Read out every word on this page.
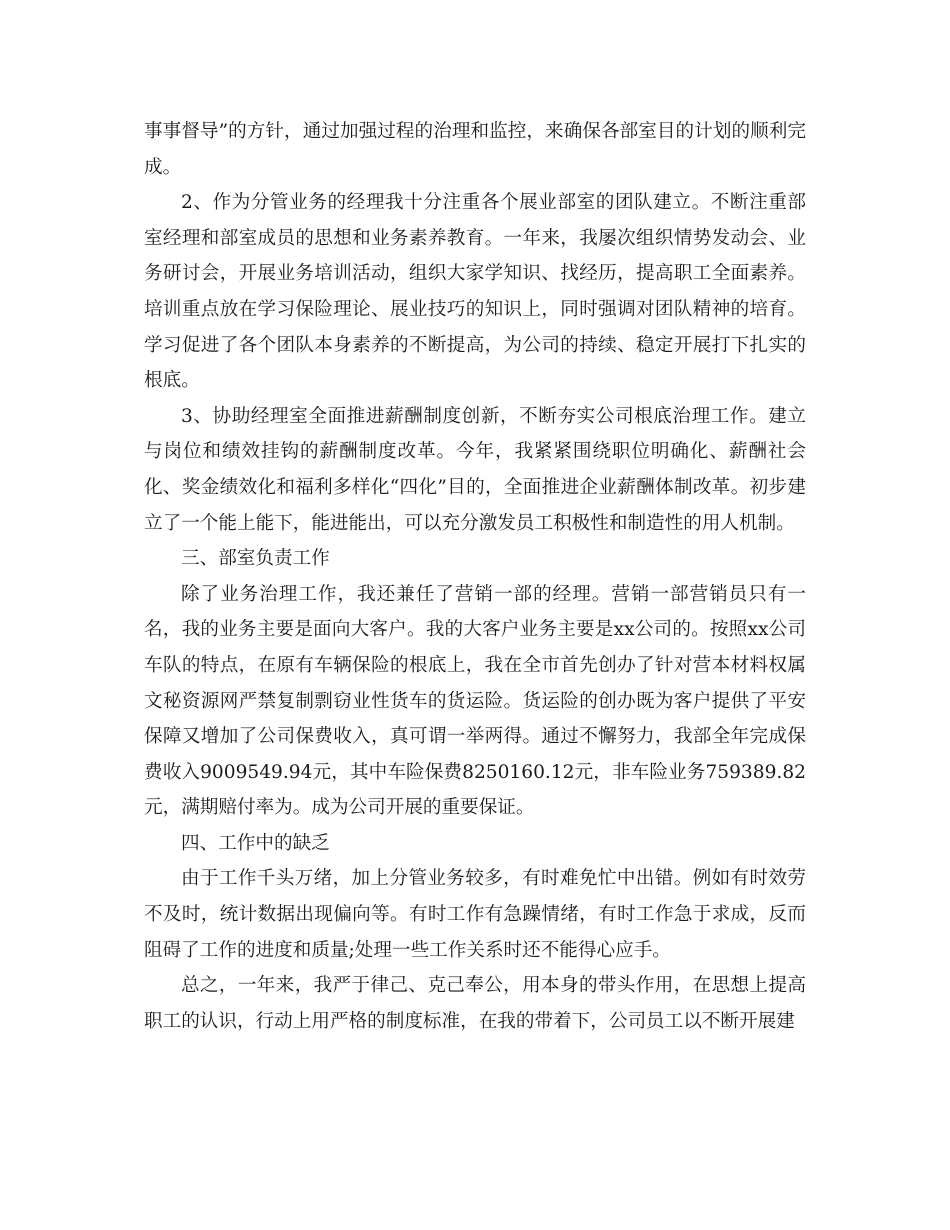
事事督导”的方针，通过加强过程的治理和监控，来确保各部室目的计划的顺利完成。

2、作为分管业务的经理我十分注重各个展业部室的团队建立。不断注重部室经理和部室成员的思想和业务素养教育。一年来，我屡次组织情势发动会、业务研讨会，开展业务培训活动，组织大家学知识、找经历，提高职工全面素养。培训重点放在学习保险理论、展业技巧的知识上，同时强调对团队精神的培育。学习促进了各个团队本身素养的不断提高，为公司的持续、稳定开展打下扎实的根底。

3、协助经理室全面推进薪酬制度创新，不断夯实公司根底治理工作。建立与岗位和绩效挂钩的薪酬制度改革。今年，我紧紧围绕职位明确化、薪酬社会化、奖金绩效化和福利多样化“四化”目的，全面推进企业薪酬体制改革。初步建立了一个能上能下，能进能出，可以充分激发员工积极性和制造性的用人机制。

三、部室负责工作

除了业务治理工作，我还兼任了营销一部的经理。营销一部营销员只有一名，我的业务主要是面向大客户。我的大客户业务主要是xx公司的。按照xx公司车队的特点，在原有车辆保险的根底上，我在全市首先创办了针对营本材料权属文秘资源网严禁复制剽窃业性货车的货运险。货运险的创办既为客户提供了平安保障又增加了公司保费收入，真可谓一举两得。通过不懈努力，我部全年完成保费收入9009549.94元，其中车险保费8250160.12元，非车险业务759389.82元，满期赔付率为。成为公司开展的重要保证。

四、工作中的缺乏

由于工作千头万绪，加上分管业务较多，有时难免忙中出错。例如有时效劳不及时，统计数据出现偏向等。有时工作有急躁情绪，有时工作急于求成，反而阻碍了工作的进度和质量;处理一些工作关系时还不能得心应手。

总之，一年来，我严于律己、克己奉公，用本身的带头作用，在思想上提高职工的认识，行动上用严格的制度标准，在我的带着下，公司员工以不断开展建
